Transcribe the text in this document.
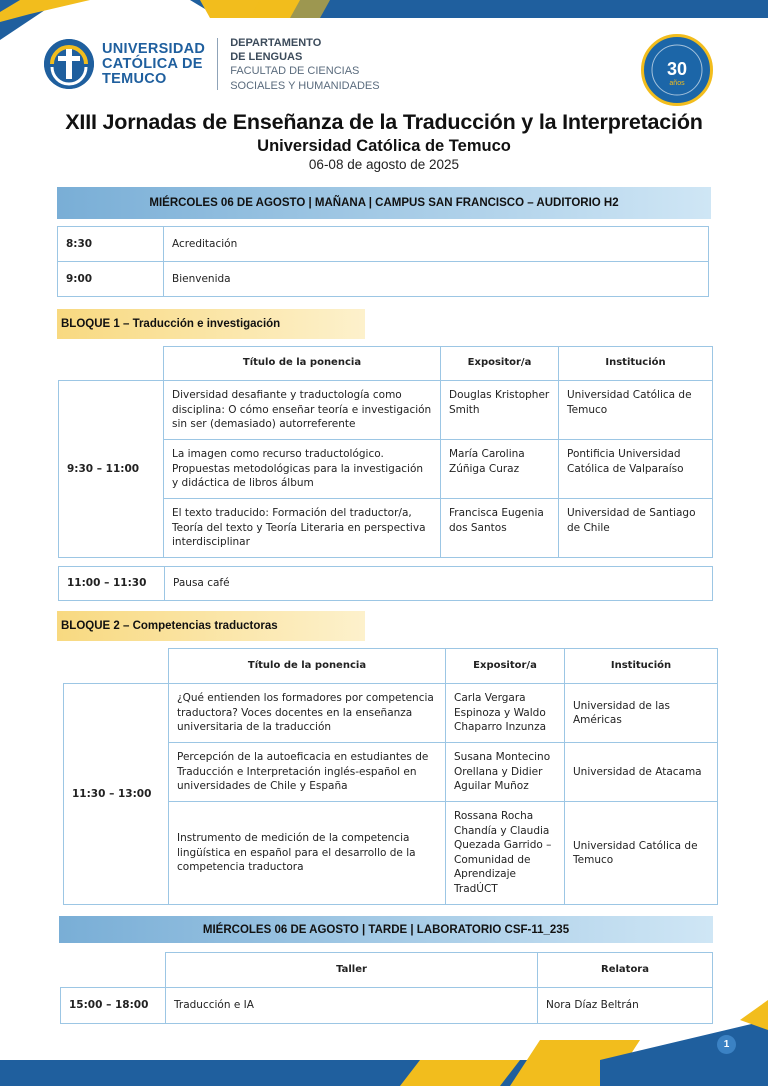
UNIVERSIDAD
CATÓLICA DE
TEMUCO
DEPARTAMENTO
DE LENGUAS
FACULTAD DE CIENCIAS
SOCIALES Y HUMANIDADES
30
años
XIII Jornadas de Enseñanza de la Traducción y la Interpretación
Universidad Católica de Temuco
06-08 de agosto de 2025
MIÉRCOLES 06 DE AGOSTO | MAÑANA | CAMPUS SAN FRANCISCO – AUDITORIO H2
8:30	Acreditación
9:00	Bienvenida
BLOQUE 1 – Traducción e investigación
	Título de la ponencia	Expositor/a	Institución
9:30 – 11:00	Diversidad desafiante y traductología como disciplina: O cómo enseñar teoría e investigación sin ser (demasiado) autorreferente	Douglas Kristopher Smith	Universidad Católica de Temuco
	La imagen como recurso traductológico. Propuestas metodológicas para la investigación y didáctica de libros álbum	María Carolina Zúñiga Curaz	Pontificia Universidad Católica de Valparaíso
	El texto traducido: Formación del traductor/a, Teoría del texto y Teoría Literaria en perspectiva interdisciplinar	Francisca Eugenia dos Santos	Universidad de Santiago de Chile
11:00 – 11:30	Pausa café
BLOQUE 2 – Competencias traductoras
	Título de la ponencia	Expositor/a	Institución
11:30 – 13:00	¿Qué entienden los formadores por competencia traductora? Voces docentes en la enseñanza universitaria de la traducción	Carla Vergara Espinoza y Waldo Chaparro Inzunza	Universidad de las Américas
	Percepción de la autoeficacia en estudiantes de Traducción e Interpretación inglés-español en universidades de Chile y España	Susana Montecino Orellana y Didier Aguilar Muñoz	Universidad de Atacama
	Instrumento de medición de la competencia lingüística en español para el desarrollo de la competencia traductora	Rossana Rocha Chandía y Claudia Quezada Garrido – Comunidad de Aprendizaje TradÚCT	Universidad Católica de Temuco
MIÉRCOLES 06 DE AGOSTO | TARDE | LABORATORIO CSF-11_235
	Taller	Relatora
15:00 – 18:00	Traducción e IA	Nora Díaz Beltrán
1
